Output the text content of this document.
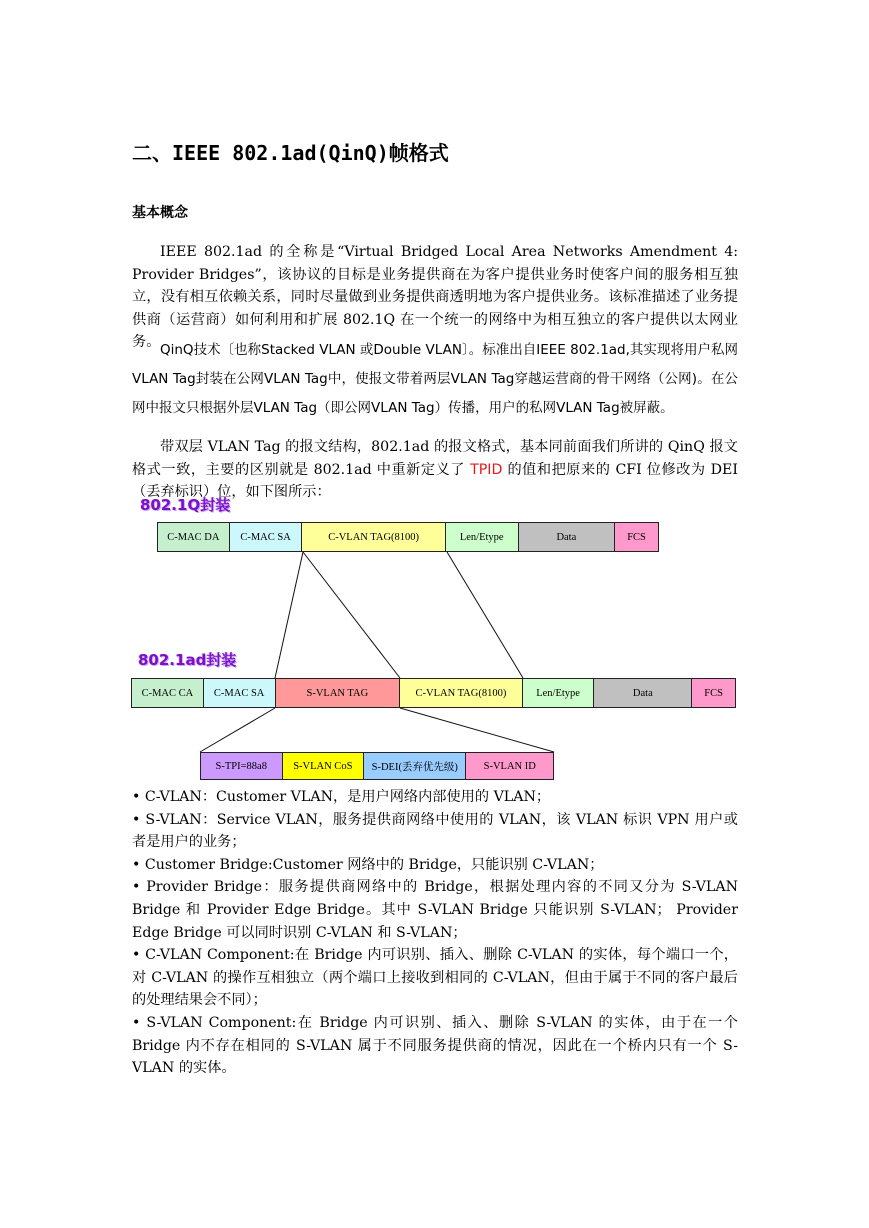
二、IEEE 802.1ad(QinQ)帧格式
基本概念

IEEE 802.1ad 的全称是“Virtual Bridged Local Area Networks Amendment 4: Provider Bridges”，该协议的目标是业务提供商在为客户提供业务时使客户间的服务相互独立，没有相互依赖关系，同时尽量做到业务提供商透明地为客户提供业务。该标准描述了业务提供商（运营商）如何利用和扩展 802.1Q 在一个统一的网络中为相互独立的客户提供以太网业务。 QinQ技术〔也称Stacked VLAN 或Double VLAN〕。标准出自IEEE 802.1ad,其实现将用户私网VLAN Tag封装在公网VLAN Tag中，使报文带着两层VLAN Tag穿越运营商的骨干网络（公网)。在公网中报文只根据外层VLAN Tag（即公网VLAN Tag）传播，用户的私网VLAN Tag被屏蔽。

带双层 VLAN Tag 的报文结构，802.1ad 的报文格式，基本同前面我们所讲的 QinQ 报文格式一致，主要的区别就是 802.1ad 中重新定义了 TPID 的值和把原来的 CFI 位修改为 DEI（丢弃标识）位，如下图所示：

802.1Q封装
802.1ad封装
C-MAC DA	C-MAC SA	C-VLAN TAG(8100)	Len/Etype	Data	FCS
C-MAC CA	C-MAC SA	S-VLAN TAG	C-VLAN TAG(8100)	Len/Etype	Data	FCS
S-TPI=88a8	S-VLAN CoS	S-DEI(丢弃优先级)	S-VLAN ID

• C-VLAN：Customer VLAN，是用户网络内部使用的 VLAN；

• S-VLAN：Service VLAN，服务提供商网络中使用的 VLAN，该 VLAN 标识 VPN 用户或者是用户的业务；

• Customer Bridge:Customer 网络中的 Bridge，只能识别 C-VLAN；

• Provider Bridge：服务提供商网络中的 Bridge，根据处理内容的不同又分为 S-VLAN Bridge 和 Provider Edge Bridge。其中 S-VLAN Bridge 只能识别 S-VLAN； Provider Edge Bridge 可以同时识别 C-VLAN 和 S-VLAN；

• C-VLAN Component:在 Bridge 内可识别、插入、删除 C-VLAN 的实体，每个端口一个，对 C-VLAN 的操作互相独立（两个端口上接收到相同的 C-VLAN，但由于属于不同的客户最后的处理结果会不同）；

• S-VLAN Component:在 Bridge 内可识别、插入、删除 S-VLAN 的实体，由于在一个 Bridge 内不存在相同的 S-VLAN 属于不同服务提供商的情况，因此在一个桥内只有一个 S-VLAN 的实体。
